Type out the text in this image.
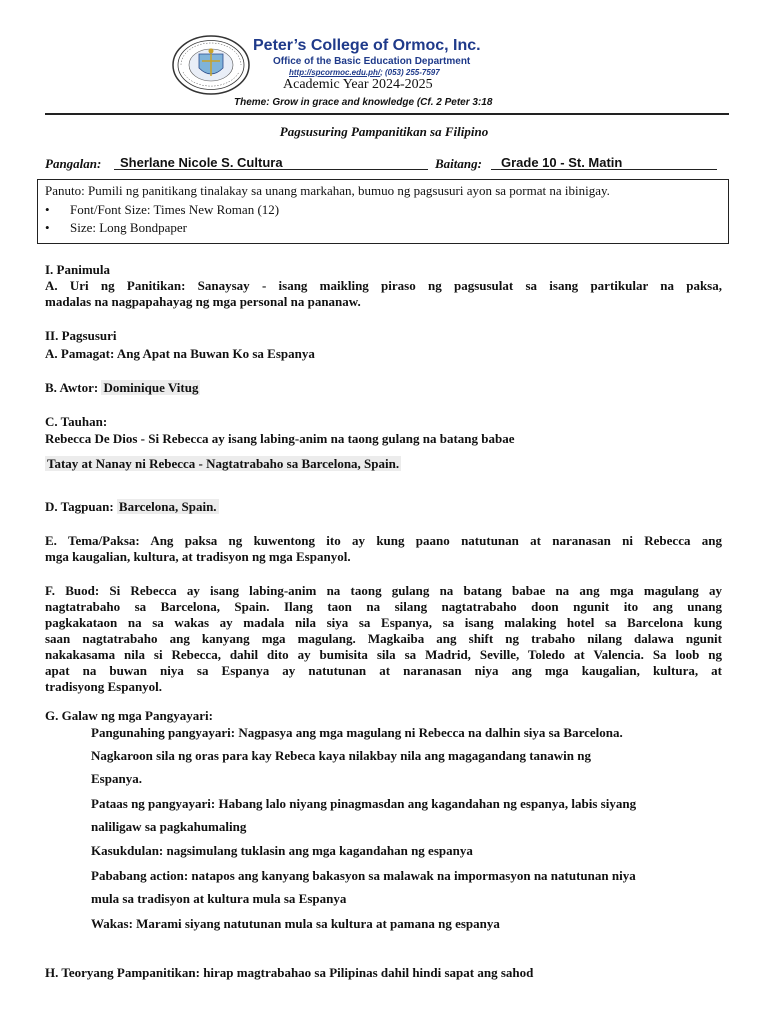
Peter’s College of Ormoc, Inc.
Office of the Basic Education Department
http://spcormoc.edu.ph/; (053) 255-7597
Academic Year 2024-2025
Theme: Grow in grace and knowledge (Cf. 2 Peter 3:18
Pagsusuring Pampanitikan sa Filipino
Pangalan:	Sherlane Nicole S. Cultura	Baitang:	Grade 10 - St. Matin
Panuto: Pumili ng panitikang tinalakay sa unang markahan, bumuo ng pagsusuri ayon sa pormat na ibinigay.
• Font/Font Size: Times New Roman (12)
• Size: Long Bondpaper
I. Panimula
A. Uri ng Panitikan: Sanaysay - isang maikling piraso ng pagsusulat sa isang partikular na paksa,
madalas na nagpapahayag ng mga personal na pananaw.
II. Pagsusuri
A. Pamagat: Ang Apat na Buwan Ko sa Espanya
B. Awtor: Dominique Vitug
C. Tauhan:
Rebecca De Dios - Si Rebecca ay isang labing-anim na taong gulang na batang babae
Tatay at Nanay ni Rebecca - Nagtatrabaho sa Barcelona, Spain.
D. Tagpuan: Barcelona, Spain.
E. Tema/Paksa: Ang paksa ng kuwentong ito ay kung paano natutunan at naranasan ni Rebecca ang
mga kaugalian, kultura, at tradisyon ng mga Espanyol.
F. Buod: Si Rebecca ay isang labing-anim na taong gulang na batang babae na ang mga magulang ay
nagtatrabaho sa Barcelona, Spain. Ilang taon na silang nagtatrabaho doon ngunit ito ang unang
pagkakataon na sa wakas ay madala nila siya sa Espanya, sa isang malaking hotel sa Barcelona kung
saan nagtatrabaho ang kanyang mga magulang. Magkaiba ang shift ng trabaho nilang dalawa ngunit
nakakasama nila si Rebecca, dahil dito ay bumisita sila sa Madrid, Seville, Toledo at Valencia. Sa loob ng
apat na buwan niya sa Espanya ay natutunan at naranasan niya ang mga kaugalian, kultura, at
tradisyong Espanyol.
G. Galaw ng mga Pangyayari:
Pangunahing pangyayari: Nagpasya ang mga magulang ni Rebecca na dalhin siya sa Barcelona.
Nagkaroon sila ng oras para kay Rebeca kaya nilakbay nila ang magagandang tanawin ng
Espanya.
Pataas ng pangyayari: Habang lalo niyang pinagmasdan ang kagandahan ng espanya, labis siyang
naliligaw sa pagkahumaling
Kasukdulan: nagsimulang tuklasin ang mga kagandahan ng espanya
Pababang action: natapos ang kanyang bakasyon sa malawak na impormasyon na natutunan niya
mula sa tradisyon at kultura mula sa Espanya
Wakas: Marami siyang natutunan mula sa kultura at pamana ng espanya
H. Teoryang Pampanitikan: hirap magtrabahao sa Pilipinas dahil hindi sapat ang sahod
